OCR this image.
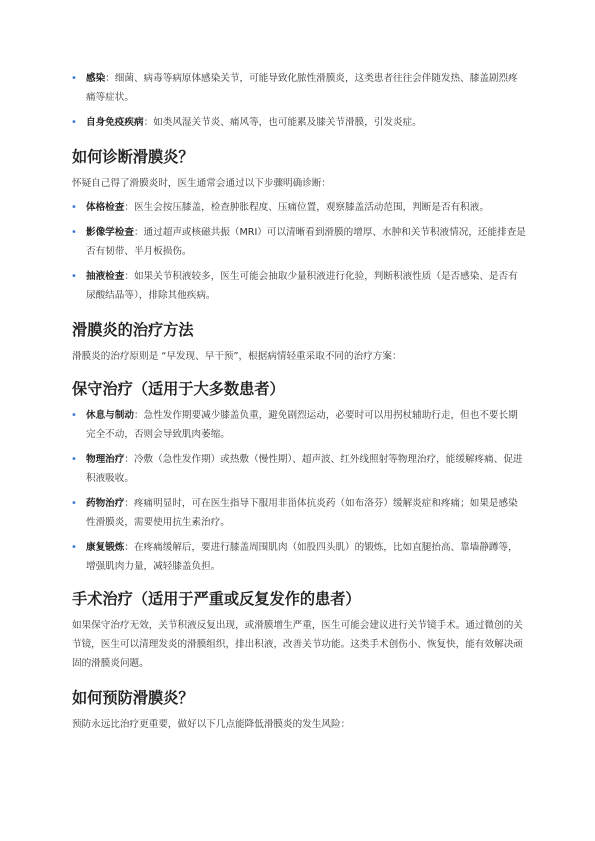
• 感染：细菌、病毒等病原体感染关节，可能导致化脓性滑膜炎，这类患者往往会伴随发热、膝盖剧烈疼痛等症状。
• 自身免疫疾病：如类风湿关节炎、痛风等，也可能累及膝关节滑膜，引发炎症。
如何诊断滑膜炎？

怀疑自己得了滑膜炎时，医生通常会通过以下步骤明确诊断：

• 体格检查：医生会按压膝盖，检查肿胀程度、压痛位置，观察膝盖活动范围，判断是否有积液。
• 影像学检查：通过超声或核磁共振（MRI）可以清晰看到滑膜的增厚、水肿和关节积液情况，还能排查是否有韧带、半月板损伤。
• 抽液检查：如果关节积液较多，医生可能会抽取少量积液进行化验，判断积液性质（是否感染、是否有尿酸结晶等），排除其他疾病。
滑膜炎的治疗方法

滑膜炎的治疗原则是 “早发现、早干预”，根据病情轻重采取不同的治疗方案：

保守治疗（适用于大多数患者）
• 休息与制动：急性发作期要减少膝盖负重，避免剧烈运动，必要时可以用拐杖辅助行走，但也不要长期完全不动，否则会导致肌肉萎缩。
• 物理治疗：冷敷（急性发作期）或热敷（慢性期）、超声波、红外线照射等物理治疗，能缓解疼痛、促进积液吸收。
• 药物治疗：疼痛明显时，可在医生指导下服用非甾体抗炎药（如布洛芬）缓解炎症和疼痛；如果是感染性滑膜炎，需要使用抗生素治疗。
• 康复锻炼：在疼痛缓解后，要进行膝盖周围肌肉（如股四头肌）的锻炼，比如直腿抬高、靠墙静蹲等，增强肌肉力量，减轻膝盖负担。
手术治疗（适用于严重或反复发作的患者）

如果保守治疗无效，关节积液反复出现，或滑膜增生严重，医生可能会建议进行关节镜手术。通过微创的关节镜，医生可以清理发炎的滑膜组织，排出积液，改善关节功能。这类手术创伤小、恢复快，能有效解决顽固的滑膜炎问题。

如何预防滑膜炎？

预防永远比治疗更重要，做好以下几点能降低滑膜炎的发生风险：
